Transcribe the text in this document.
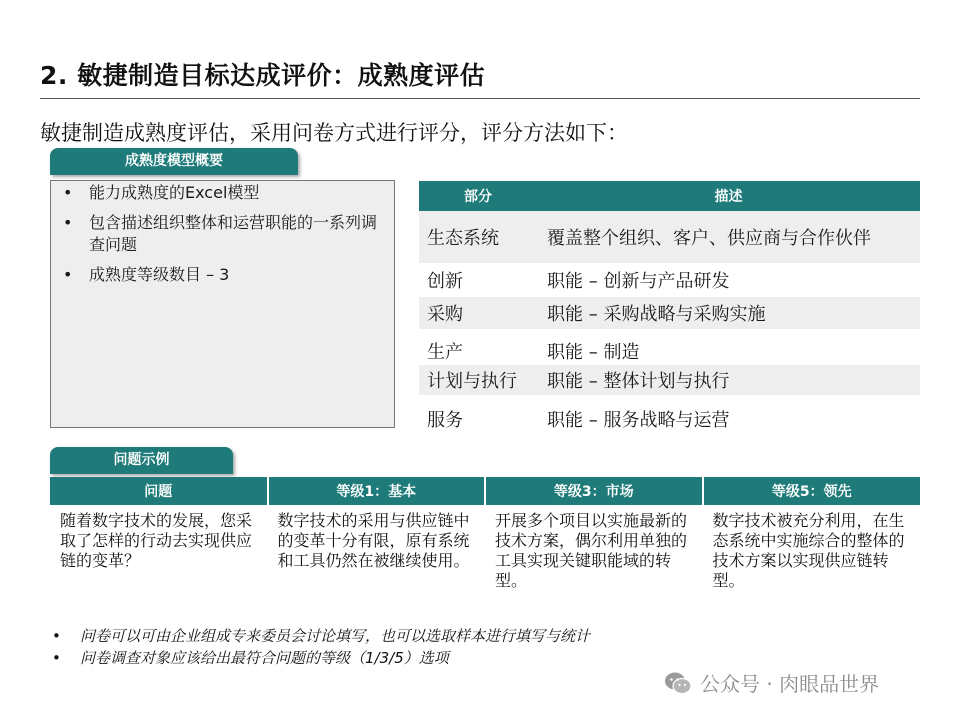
2. 敏捷制造目标达成评价：成熟度评估
敏捷制造成熟度评估，采用问卷方式进行评分，评分方法如下：
成熟度模型概要
• 能力成熟度的Excel模型
• 包含描述组织整体和运营职能的一系列调查问题
• 成熟度等级数目 – 3
部分	描述
生态系统	覆盖整个组织、客户、供应商与合作伙伴
创新	职能 – 创新与产品研发
采购	职能 – 采购战略与采购实施
生产	职能 – 制造
计划与执行	职能 – 整体计划与执行
服务	职能 – 服务战略与运营
问题示例
问题	等级1：基本	等级3：市场	等级5：领先
随着数字技术的发展，您采取了怎样的行动去实现供应链的变革？	数字技术的采用与供应链中的变革十分有限，原有系统和工具仍然在被继续使用。	开展多个项目以实施最新的技术方案，偶尔利用单独的工具实现关键职能域的转型。	数字技术被充分利用，在生态系统中实施综合的整体的技术方案以实现供应链转型。
• 问卷可以可由企业组成专来委员会讨论填写，也可以选取样本进行填写与统计
• 问卷调查对象应该给出最符合问题的等级（1/3/5）选项
公众号 · 肉眼品世界
